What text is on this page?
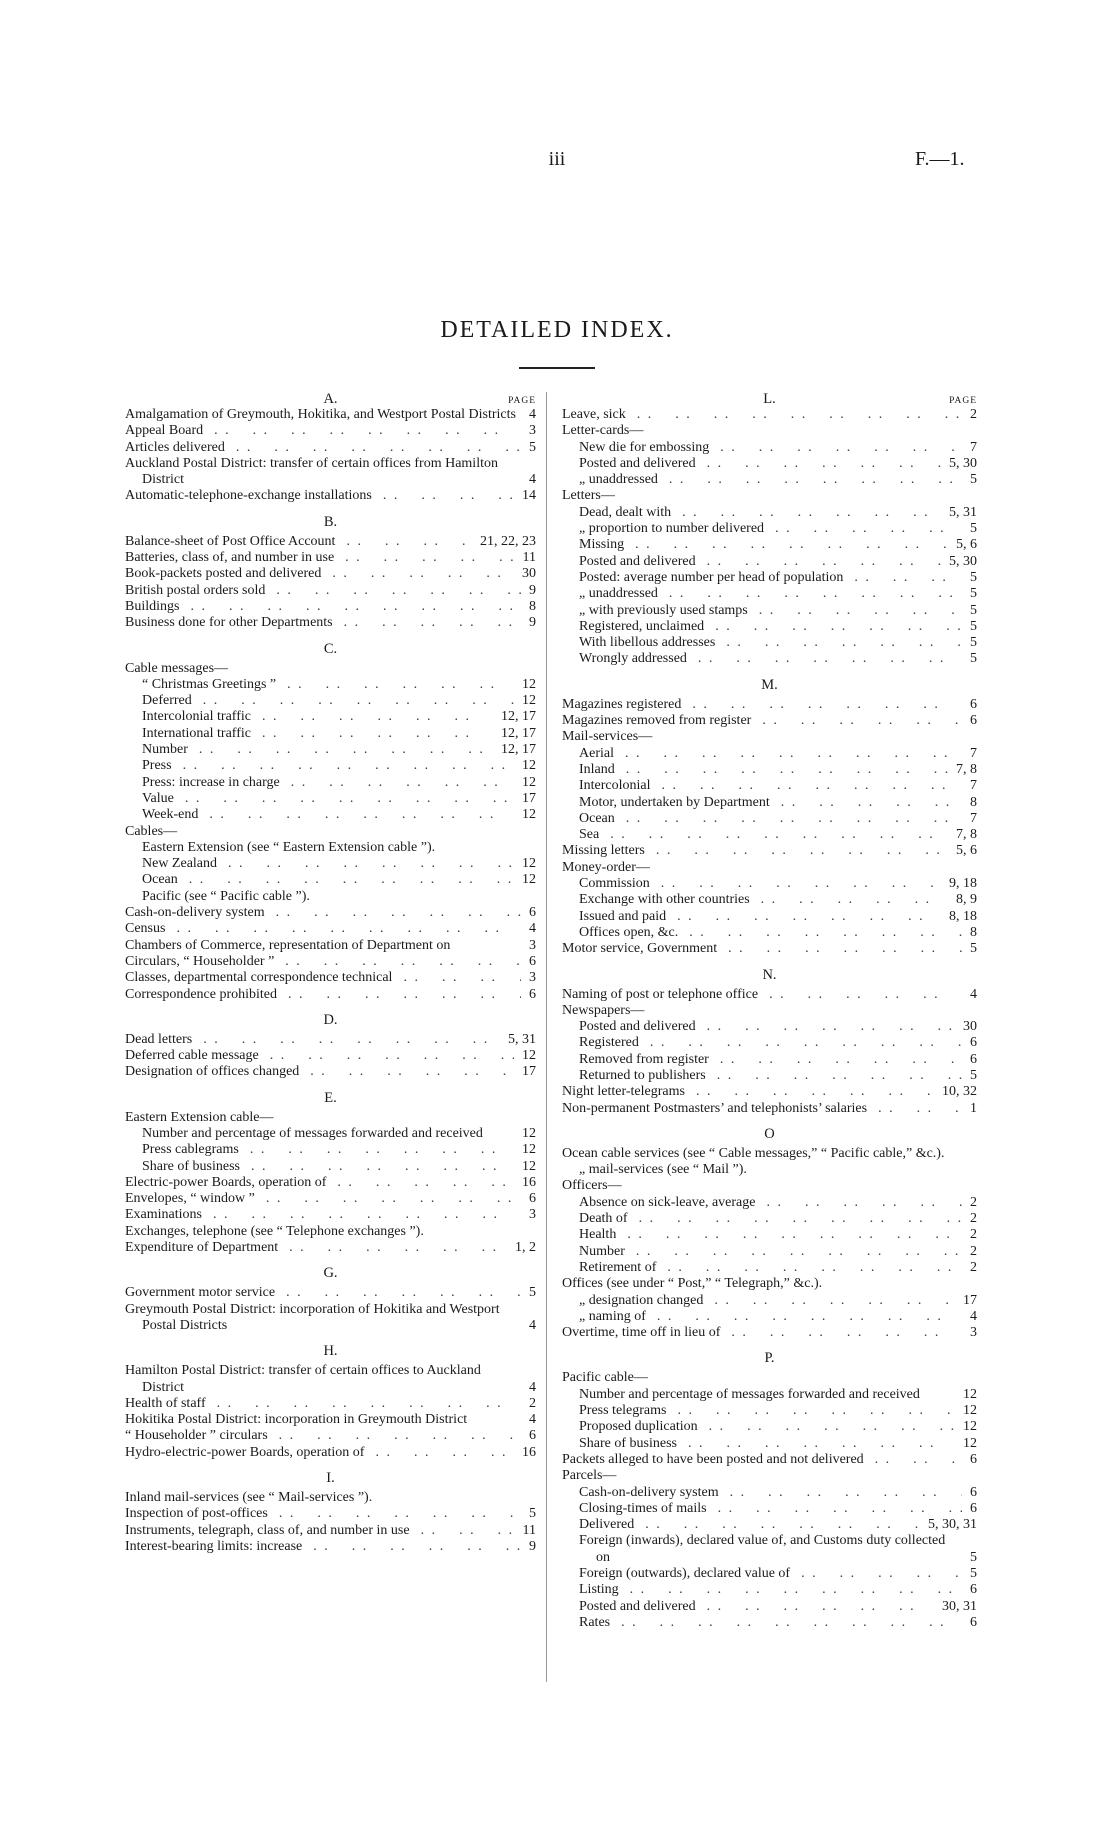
iii	F.—1.
DETAILED INDEX.
PAGE
A.
Amalgamation of Greymouth, Hokitika, and Westport Postal Districts 4
Appeal Board . .	3
Articles delivered . .	5
Auckland Postal District: transfer of certain offices from Hamilton District	4
Automatic-telephone-exchange installations . .	14
B.
Balance-sheet of Post Office Account . .	21, 22, 23
Batteries, class of, and number in use . .	11
Book-packets posted and delivered . .	30
British postal orders sold . .	9
Buildings . .	8
Business done for other Departments . .	9
C.
Cable messages—
“ Christmas Greetings ” . .	12
Deferred . .	12
Intercolonial traffic . .	12, 17
International traffic . .	12, 17
Number . .	12, 17
Press . .	12
Press: increase in charge . .	12
Value . .	17
Week-end . .	12
Cables—
Eastern Extension (see “ Eastern Extension cable ”).
New Zealand . .	12
Ocean . .	12
Pacific (see “ Pacific cable ”).
Cash-on-delivery system . .	6
Census . .	4
Chambers of Commerce, representation of Department on	3
Circulars, “ Householder ” . .	6
Classes, departmental correspondence technical . .	3
Correspondence prohibited . .	6
D.
Dead letters . .	5, 31
Deferred cable message . .	12
Designation of offices changed . .	17
E.
Eastern Extension cable—
Number and percentage of messages forwarded and received	12
Press cablegrams . .	12
Share of business . .	12
Electric-power Boards, operation of . .	16
Envelopes, “ window ” . .	6
Examinations . .	3
Exchanges, telephone (see “ Telephone exchanges ”).
Expenditure of Department . .	1, 2
G.
Government motor service . .	5
Greymouth Postal District: incorporation of Hokitika and Westport Postal Districts	4
H.
Hamilton Postal District: transfer of certain offices to Auckland District	4
Health of staff . .	2
Hokitika Postal District: incorporation in Greymouth District	4
“ Householder ” circulars . .	6
Hydro-electric-power Boards, operation of . .	16
I.
Inland mail-services (see “ Mail-services ”).
Inspection of post-offices . .	5
Instruments, telegraph, class of, and number in use . .	11
Interest-bearing limits: increase . .	9
PAGE
L.
Leave, sick . .	2
Letter-cards—
New die for embossing . .	7
Posted and delivered . .	5, 30
„ unaddressed . .	5
Letters—
Dead, dealt with . .	5, 31
„ proportion to number delivered . .	5
Missing . .	5, 6
Posted and delivered . .	5, 30
Posted: average number per head of population . .	5
„ unaddressed . .	5
„ with previously used stamps . .	5
Registered, unclaimed . .	5
With libellous addresses . .	5
Wrongly addressed . .	5
M.
Magazines registered . .	6
Magazines removed from register . .	6
Mail-services—
Aerial . .	7
Inland . .	7, 8
Intercolonial . .	7
Motor, undertaken by Department . .	8
Ocean . .	7
Sea . .	7, 8
Missing letters . .	5, 6
Money-order—
Commission . .	9, 18
Exchange with other countries . .	8, 9
Issued and paid . .	8, 18
Offices open, &c. . .	8
Motor service, Government . .	5
N.
Naming of post or telephone office . .	4
Newspapers—
Posted and delivered . .	30
Registered . .	6
Removed from register . .	6
Returned to publishers . .	5
Night letter-telegrams . .	10, 32
Non-permanent Postmasters’ and telephonists’ salaries . .	1
O
Ocean cable services (see “ Cable messages,” “ Pacific cable,” &c.).
„ mail-services (see “ Mail ”).
Officers—
Absence on sick-leave, average . .	2
Death of . .	2
Health . .	2
Number . .	2
Retirement of . .	2
Offices (see under “ Post,” “ Telegraph,” &c.).
„ designation changed . .	17
„ naming of . .	4
Overtime, time off in lieu of . .	3
P.
Pacific cable—
Number and percentage of messages forwarded and received	12
Press telegrams . .	12
Proposed duplication . .	12
Share of business . .	12
Packets alleged to have been posted and not delivered . .	6
Parcels—
Cash-on-delivery system . .	6
Closing-times of mails . .	6
Delivered . .	5, 30, 31
Foreign (inwards), declared value of, and Customs duty collected on	5
Foreign (outwards), declared value of . .	5
Listing . .	6
Posted and delivered . .	30, 31
Rates . .	6
